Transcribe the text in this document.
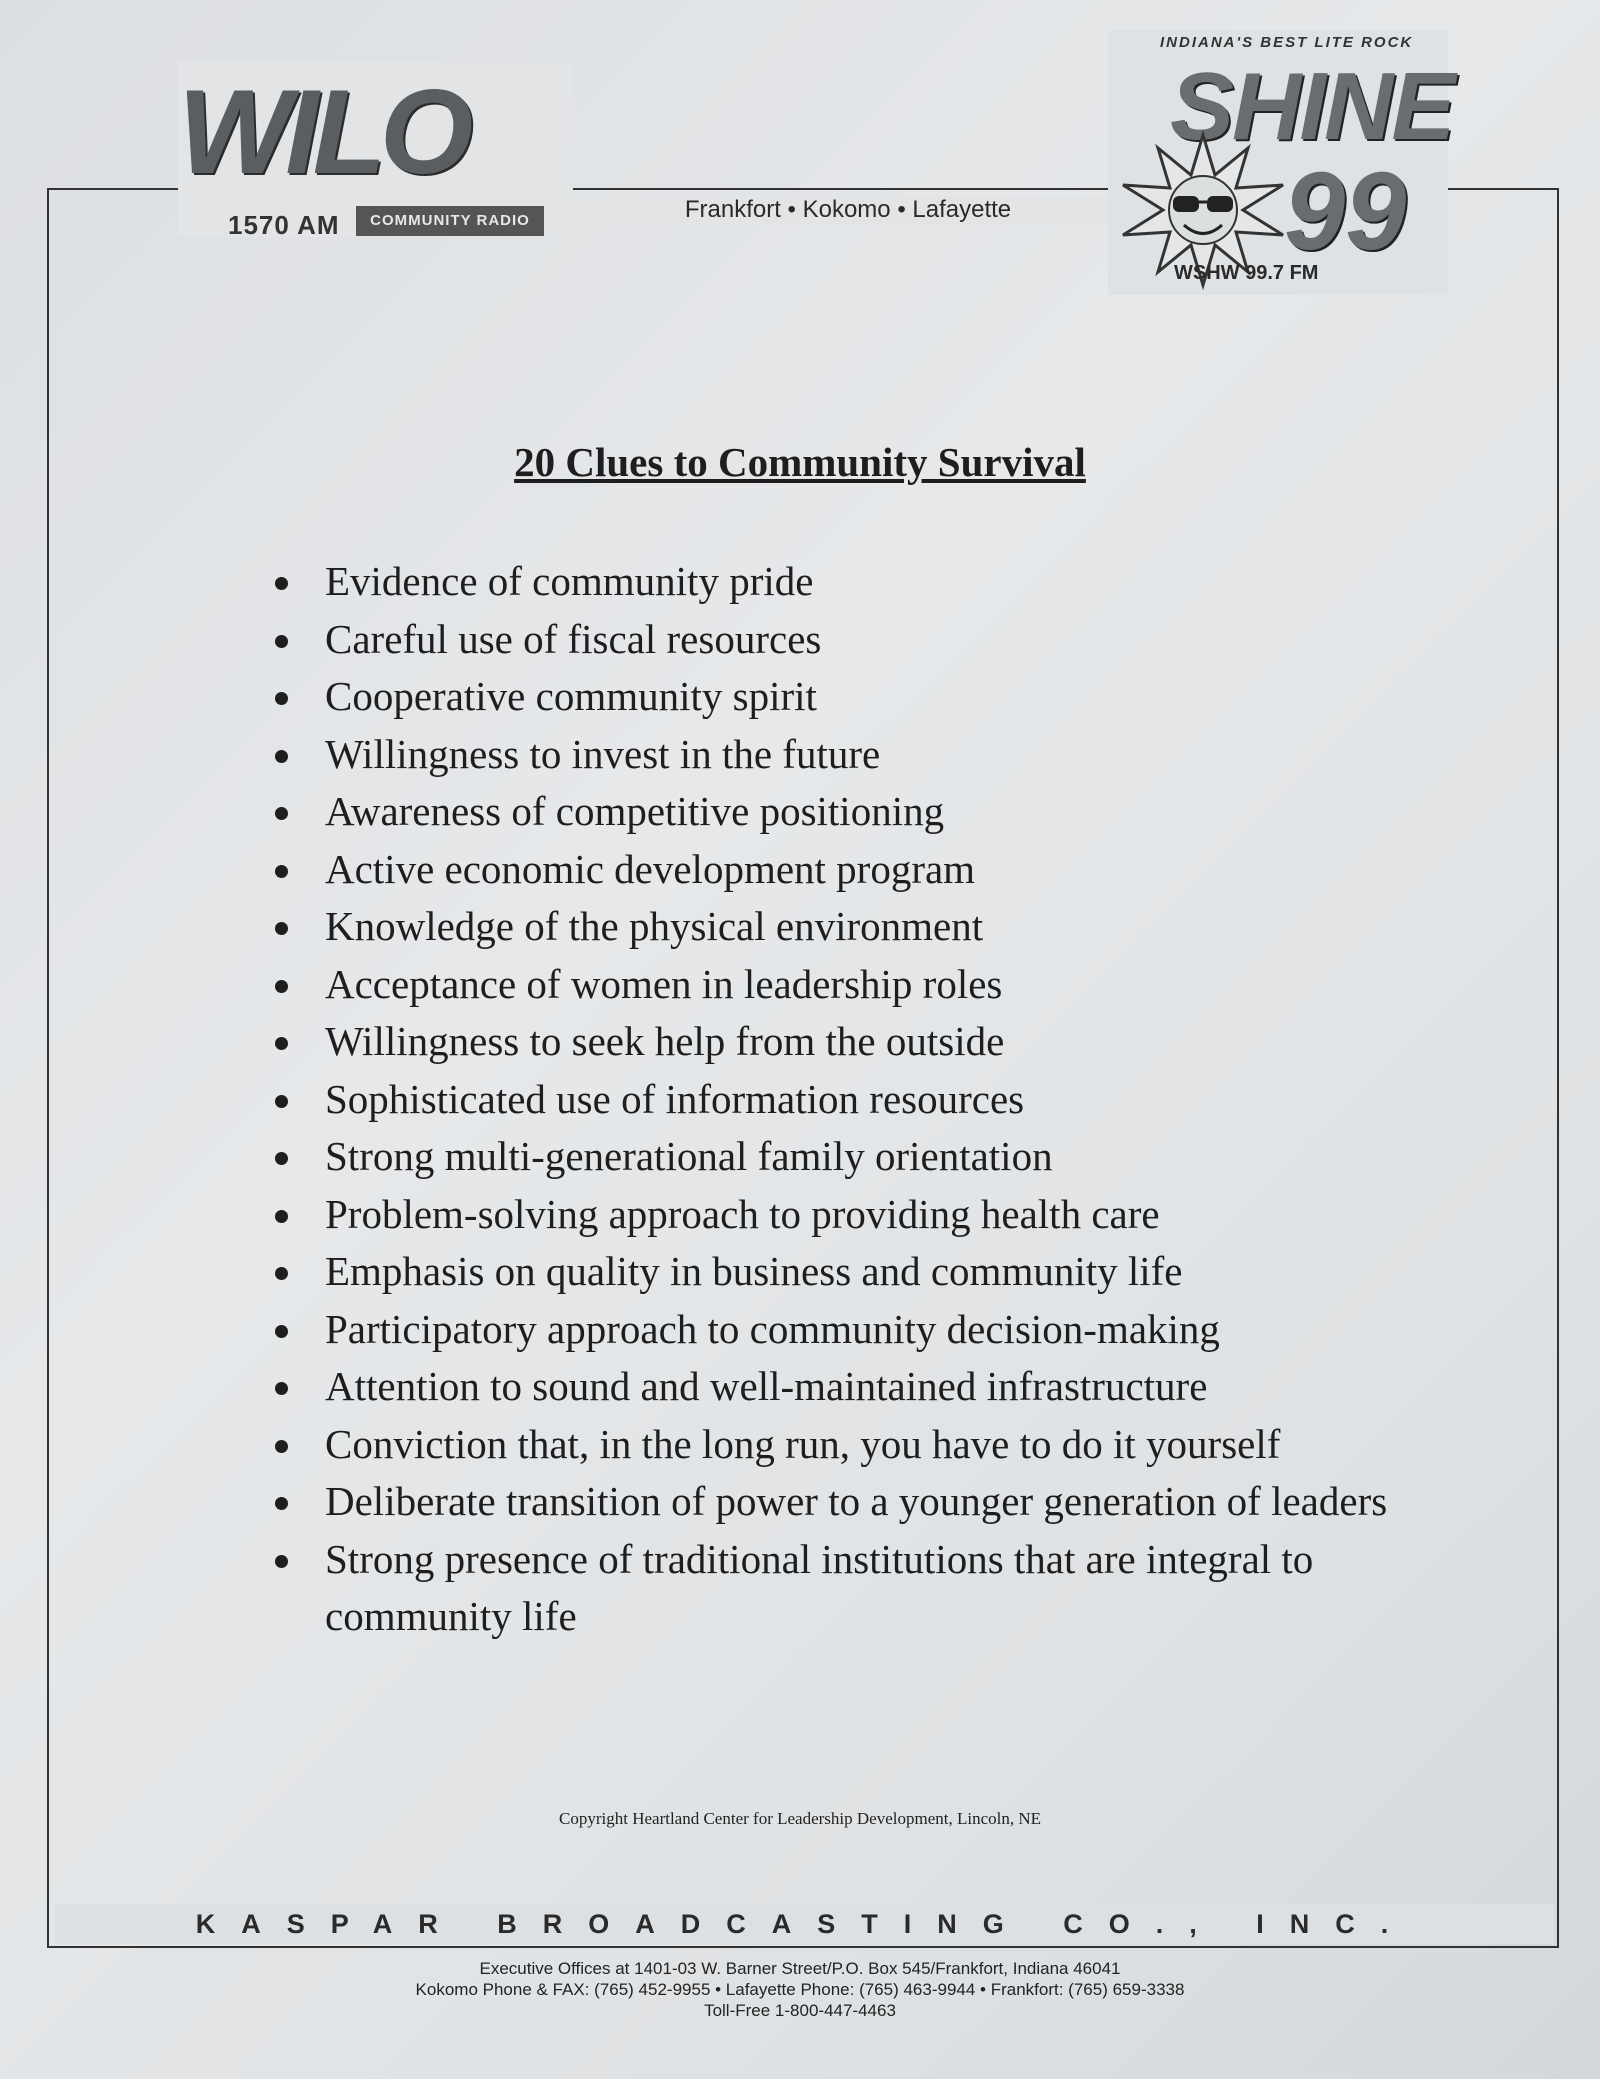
WILO
1570 AM	COMMUNITY RADIO	Frankfort • Kokomo • Lafayette
INDIANA'S BEST LITE ROCK
SHINE
99
WSHW 99.7 FM
20 Clues to Community Survival
Evidence of community pride
Careful use of fiscal resources
Cooperative community spirit
Willingness to invest in the future
Awareness of competitive positioning
Active economic development program
Knowledge of the physical environment
Acceptance of women in leadership roles
Willingness to seek help from the outside
Sophisticated use of information resources
Strong multi-generational family orientation
Problem-solving approach to providing health care
Emphasis on quality in business and community life
Participatory approach to community decision-making
Attention to sound and well-maintained infrastructure
Conviction that, in the long run, you have to do it yourself
Deliberate transition of power to a younger generation of leaders
Strong presence of traditional institutions that are integral to community life
Copyright Heartland Center for Leadership Development, Lincoln, NE
KASPAR BROADCASTING CO., INC.
Executive Offices at 1401-03 W. Barner Street/P.O. Box 545/Frankfort, Indiana 46041
Kokomo Phone & FAX: (765) 452-9955 • Lafayette Phone: (765) 463-9944 • Frankfort: (765) 659-3338
Toll-Free 1-800-447-4463
